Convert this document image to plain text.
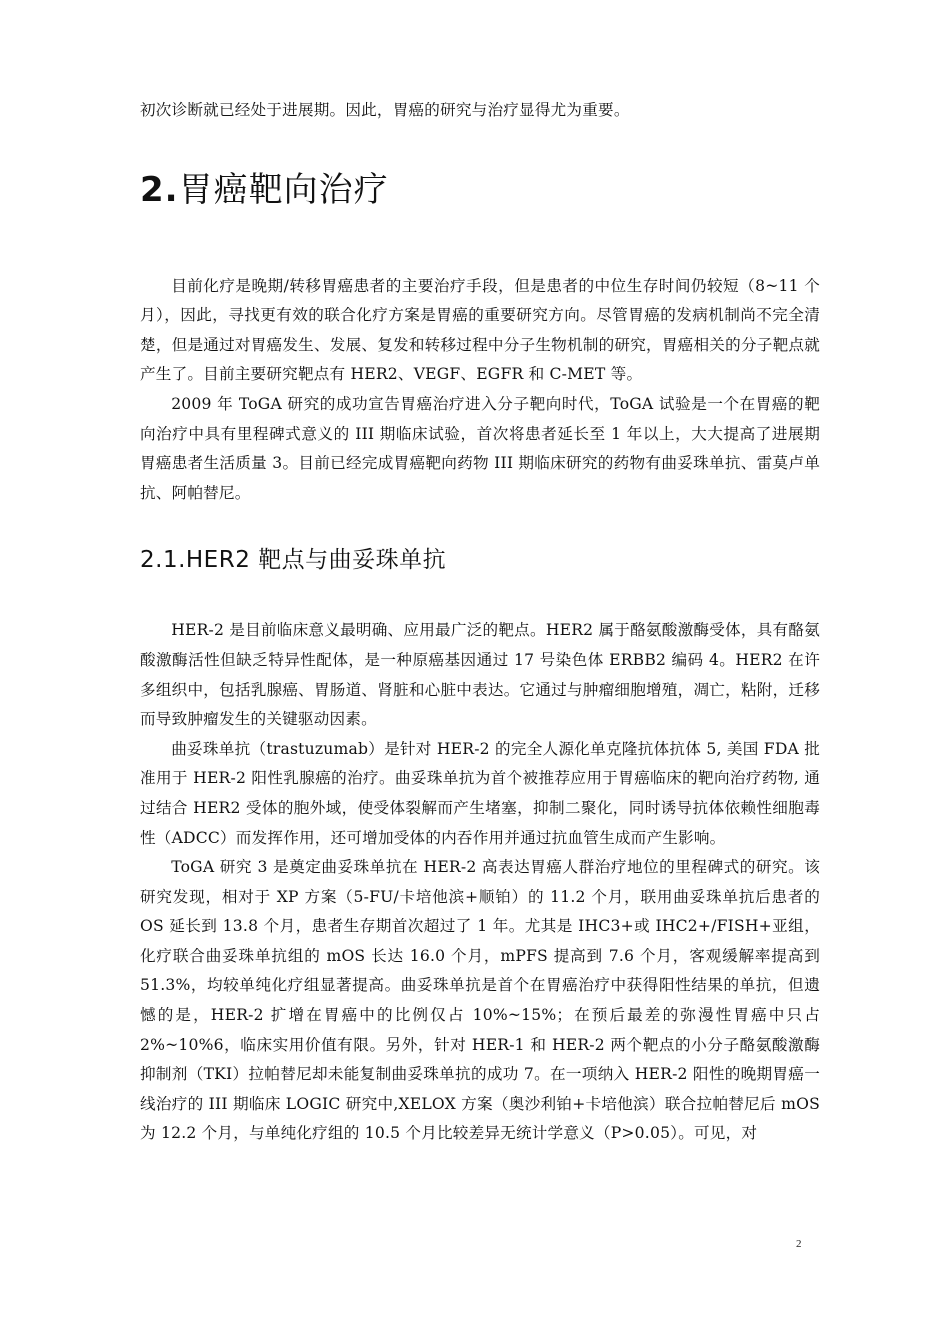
初次诊断就已经处于进展期。因此，胃癌的研究与治疗显得尤为重要。

2.胃癌靶向治疗

目前化疗是晚期/转移胃癌患者的主要治疗手段，但是患者的中位生存时间仍较短（8~11 个月），因此，寻找更有效的联合化疗方案是胃癌的重要研究方向。尽管胃癌的发病机制尚不完全清楚，但是通过对胃癌发生、发展、复发和转移过程中分子生物机制的研究，胃癌相关的分子靶点就产生了。目前主要研究靶点有 HER2、VEGF、EGFR 和 C-MET 等。

2009 年 ToGA 研究的成功宣告胃癌治疗进入分子靶向时代，ToGA 试验是一个在胃癌的靶向治疗中具有里程碑式意义的 III 期临床试验，首次将患者延长至 1 年以上，大大提高了进展期胃癌患者生活质量 3。目前已经完成胃癌靶向药物 III 期临床研究的药物有曲妥珠单抗、雷莫卢单抗、阿帕替尼。

2.1.HER2 靶点与曲妥珠单抗

HER-2 是目前临床意义最明确、应用最广泛的靶点。HER2 属于酪氨酸激酶受体，具有酪氨酸激酶活性但缺乏特异性配体，是一种原癌基因通过 17 号染色体 ERBB2 编码 4。HER2 在许多组织中，包括乳腺癌、胃肠道、肾脏和心脏中表达。它通过与肿瘤细胞增殖，凋亡，粘附，迁移而导致肿瘤发生的关键驱动因素。

曲妥珠单抗（trastuzumab）是针对 HER-2 的完全人源化单克隆抗体抗体 5, 美国 FDA 批准用于 HER-2 阳性乳腺癌的治疗。曲妥珠单抗为首个被推荐应用于胃癌临床的靶向治疗药物, 通过结合 HER2 受体的胞外域，使受体裂解而产生堵塞，抑制二聚化，同时诱导抗体依赖性细胞毒性（ADCC）而发挥作用，还可增加受体的内吞作用并通过抗血管生成而产生影响。

ToGA 研究 3 是奠定曲妥珠单抗在 HER-2 高表达胃癌人群治疗地位的里程碑式的研究。该研究发现，相对于 XP 方案（5-FU/卡培他滨+顺铂）的 11.2 个月，联用曲妥珠单抗后患者的 OS 延长到 13.8 个月，患者生存期首次超过了 1 年。尤其是 IHC3+或 IHC2+/FISH+亚组，化疗联合曲妥珠单抗组的 mOS 长达 16.0 个月，mPFS 提高到 7.6 个月，客观缓解率提高到 51.3%，均较单纯化疗组显著提高。曲妥珠单抗是首个在胃癌治疗中获得阳性结果的单抗，但遗憾的是，HER-2 扩增在胃癌中的比例仅占 10%~15%；在预后最差的弥漫性胃癌中只占 2%~10%6，临床实用价值有限。另外，针对 HER-1 和 HER-2 两个靶点的小分子酪氨酸激酶抑制剂（TKI）拉帕替尼却未能复制曲妥珠单抗的成功 7。在一项纳入 HER-2 阳性的晚期胃癌一线治疗的 III 期临床 LOGIC 研究中,XELOX 方案（奥沙利铂+卡培他滨）联合拉帕替尼后 mOS 为 12.2 个月，与单纯化疗组的 10.5 个月比较差异无统计学意义（P>0.05）。可见，对

2
